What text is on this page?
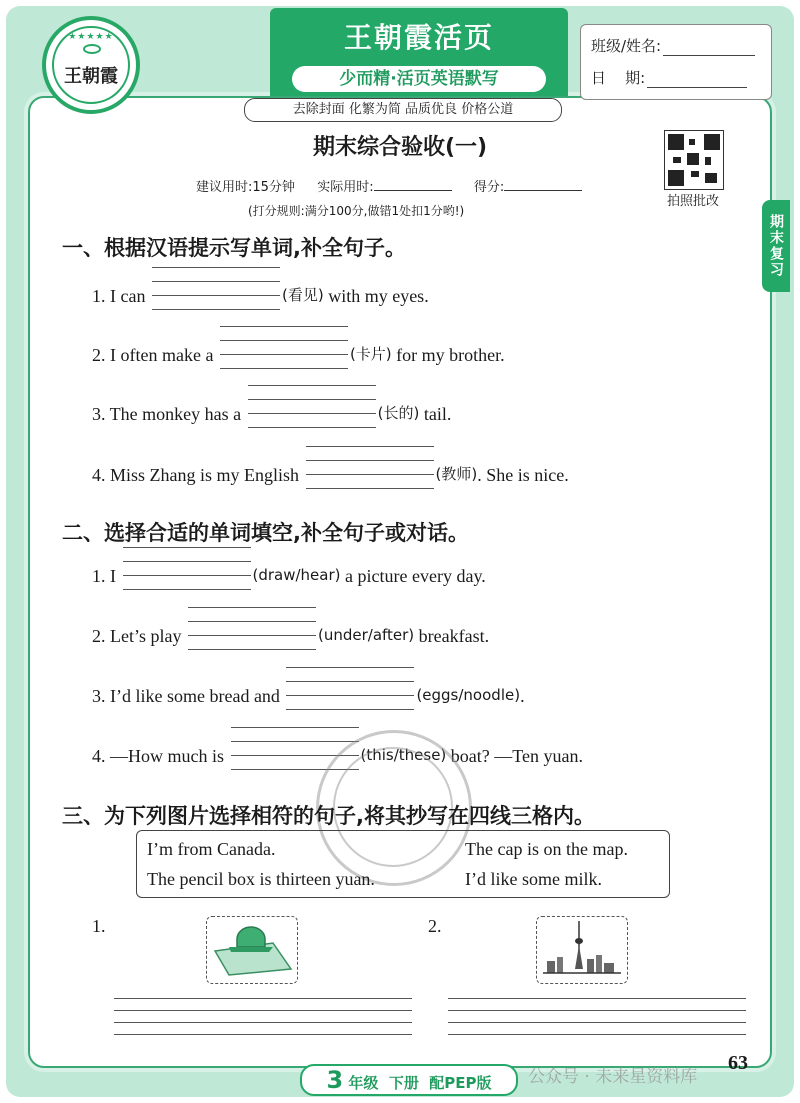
★★★★★
王朝霞
王朝霞活页
少而精·活页英语默写
去除封面 化繁为简 品质优良 价格公道
班级/姓名:
日    期:
拍照批改
期末复习
期末综合验收(一)
建议用时:15分钟 实际用时:	得分:
(打分规则:满分100分,做错1处扣1分哟!)
一、根据汉语提示写单词,补全句子。
1. I can	(看见) with my eyes.
2. I often make a	(卡片) for my brother.
3. The monkey has a	(长的) tail.
4. Miss Zhang is my English	(教师). She is nice.
二、选择合适的单词填空,补全句子或对话。
1. I	(draw/hear) a picture every day.
2. Let’s play	(under/after) breakfast.
3. I’d like some bread and	(eggs/noodle).
4. —How much is	(this/these) boat? —Ten yuan.
三、为下列图片选择相符的句子,将其抄写在四线三格内。
I’m from Canada.	The cap is on the map.
The pencil box is thirteen yuan.	I’d like some milk.
1.	2.
3 年级  下册  配PEP版	公众号 · 未来星资料库
63
